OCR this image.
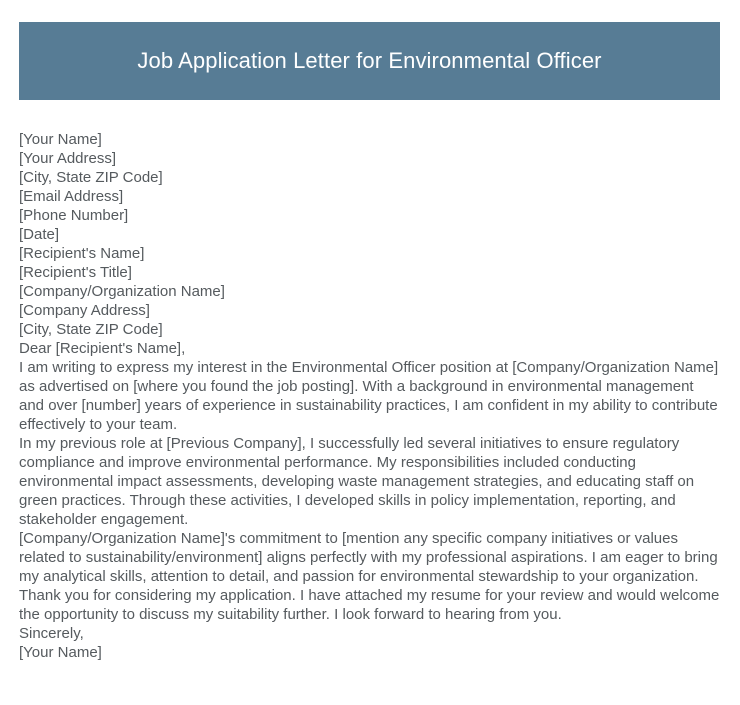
Job Application Letter for Environmental Officer
[Your Name]
[Your Address]
[City, State ZIP Code]
[Email Address]
[Phone Number]
[Date]
[Recipient's Name]
[Recipient's Title]
[Company/Organization Name]
[Company Address]
[City, State ZIP Code]
Dear [Recipient's Name],

I am writing to express my interest in the Environmental Officer position at [Company/Organization Name] as advertised on [where you found the job posting]. With a background in environmental management and over [number] years of experience in sustainability practices, I am confident in my ability to contribute effectively to your team.

In my previous role at [Previous Company], I successfully led several initiatives to ensure regulatory compliance and improve environmental performance. My responsibilities included conducting environmental impact assessments, developing waste management strategies, and educating staff on green practices. Through these activities, I developed skills in policy implementation, reporting, and stakeholder engagement.

[Company/Organization Name]'s commitment to [mention any specific company initiatives or values related to sustainability/environment] aligns perfectly with my professional aspirations. I am eager to bring my analytical skills, attention to detail, and passion for environmental stewardship to your organization.

Thank you for considering my application. I have attached my resume for your review and would welcome the opportunity to discuss my suitability further. I look forward to hearing from you.

Sincerely,
[Your Name]
